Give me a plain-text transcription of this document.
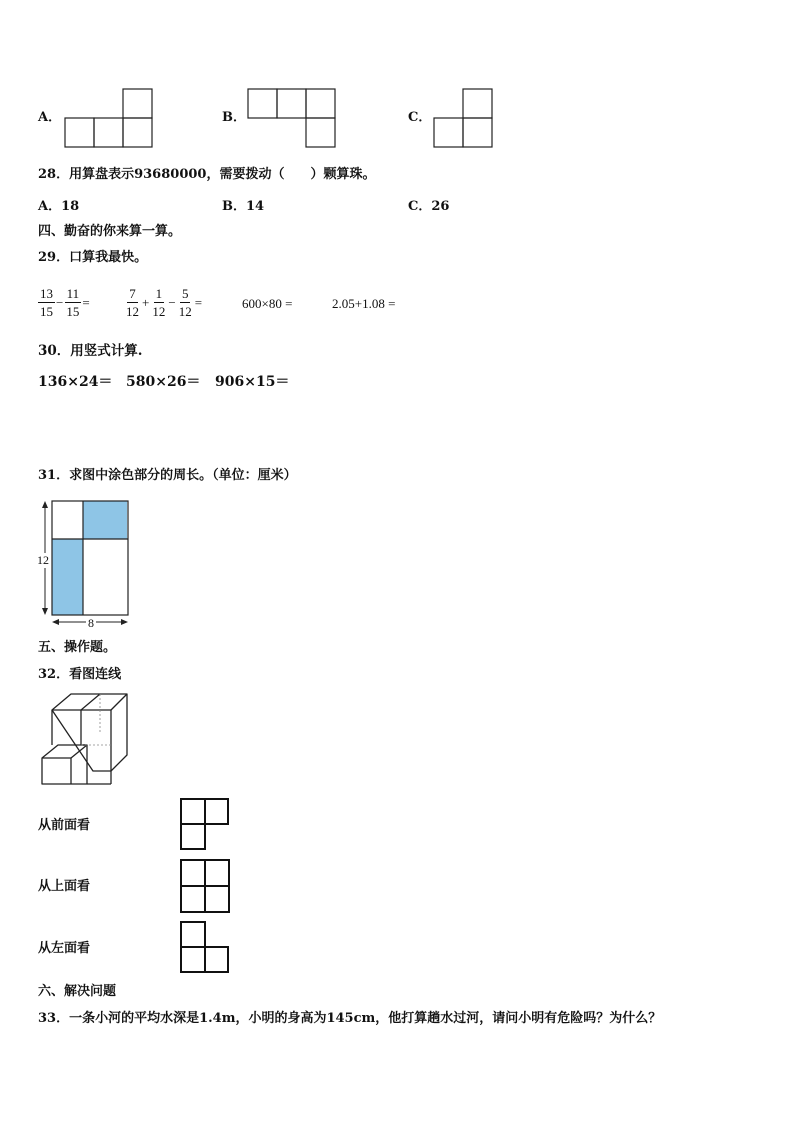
A．	B．	C．
28．用算盘表示93680000，需要拨动（　　）颗算珠。
A．18	B．14	C．26
四、勤奋的你来算一算。
29．口算我最快。
$\frac{13}{15} - \frac{11}{15}$ =	$\frac{7}{12} + \frac{1}{12} - \frac{5}{12}$ =	600×80 =	2.05+1.08 =
30．用竖式计算.
136×24＝ 580×26＝ 906×15＝
31．求图中涂色部分的周长。（单位：厘米）
12
8
五、操作题。
32．看图连线
从前面看
从上面看
从左面看
六、解决问题
33．一条小河的平均水深是1.4m，小明的身高为145cm，他打算趟水过河，请问小明有危险吗？为什么？
